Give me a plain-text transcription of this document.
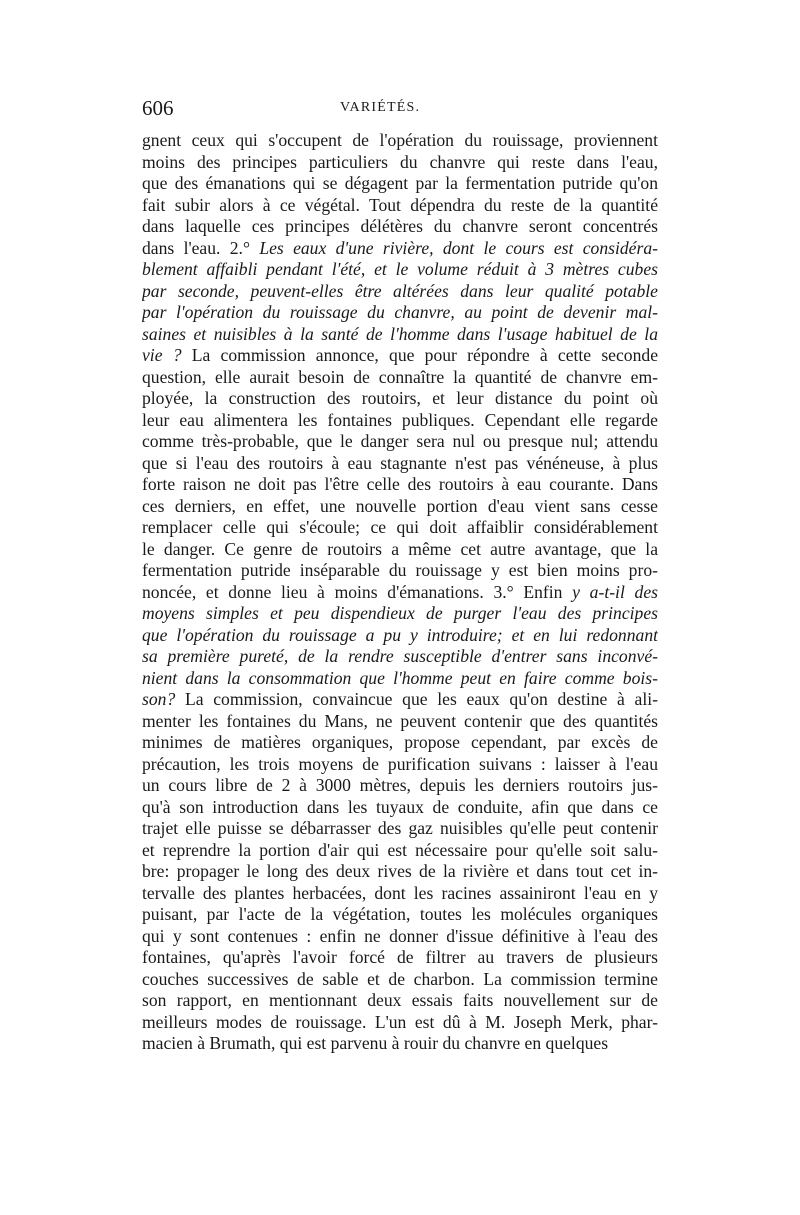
606	VARIÉTÉS.
gnent ceux qui s'occupent de l'opération du rouissage, proviennent
moins des principes particuliers du chanvre qui reste dans l'eau,
que des émanations qui se dégagent par la fermentation putride qu'on
fait subir alors à ce végétal. Tout dépendra du reste de la quantité
dans laquelle ces principes délétères du chanvre seront concentrés
dans l'eau. 2.° Les eaux d'une rivière, dont le cours est considéra-
blement affaibli pendant l'été, et le volume réduit à 3 mètres cubes
par seconde, peuvent-elles être altérées dans leur qualité potable
par l'opération du rouissage du chanvre, au point de devenir mal-
saines et nuisibles à la santé de l'homme dans l'usage habituel de la
vie ? La commission annonce, que pour répondre à cette seconde
question, elle aurait besoin de connaître la quantité de chanvre em-
ployée, la construction des routoirs, et leur distance du point où
leur eau alimentera les fontaines publiques. Cependant elle regarde
comme très-probable, que le danger sera nul ou presque nul; attendu
que si l'eau des routoirs à eau stagnante n'est pas vénéneuse, à plus
forte raison ne doit pas l'être celle des routoirs à eau courante. Dans
ces derniers, en effet, une nouvelle portion d'eau vient sans cesse
remplacer celle qui s'écoule; ce qui doit affaiblir considérablement
le danger. Ce genre de routoirs a même cet autre avantage, que la
fermentation putride inséparable du rouissage y est bien moins pro-
noncée, et donne lieu à moins d'émanations. 3.° Enfin y a-t-il des
moyens simples et peu dispendieux de purger l'eau des principes
que l'opération du rouissage a pu y introduire; et en lui redonnant
sa première pureté, de la rendre susceptible d'entrer sans inconvé-
nient dans la consommation que l'homme peut en faire comme bois-
son? La commission, convaincue que les eaux qu'on destine à ali-
menter les fontaines du Mans, ne peuvent contenir que des quantités
minimes de matières organiques, propose cependant, par excès de
précaution, les trois moyens de purification suivans : laisser à l'eau
un cours libre de 2 à 3000 mètres, depuis les derniers routoirs jus-
qu'à son introduction dans les tuyaux de conduite, afin que dans ce
trajet elle puisse se débarrasser des gaz nuisibles qu'elle peut contenir
et reprendre la portion d'air qui est nécessaire pour qu'elle soit salu-
bre: propager le long des deux rives de la rivière et dans tout cet in-
tervalle des plantes herbacées, dont les racines assainiront l'eau en y
puisant, par l'acte de la végétation, toutes les molécules organiques
qui y sont contenues : enfin ne donner d'issue définitive à l'eau des
fontaines, qu'après l'avoir forcé de filtrer au travers de plusieurs
couches successives de sable et de charbon. La commission termine
son rapport, en mentionnant deux essais faits nouvellement sur de
meilleurs modes de rouissage. L'un est dû à M. Joseph Merk, phar-
macien à Brumath, qui est parvenu à rouir du chanvre en quelques
